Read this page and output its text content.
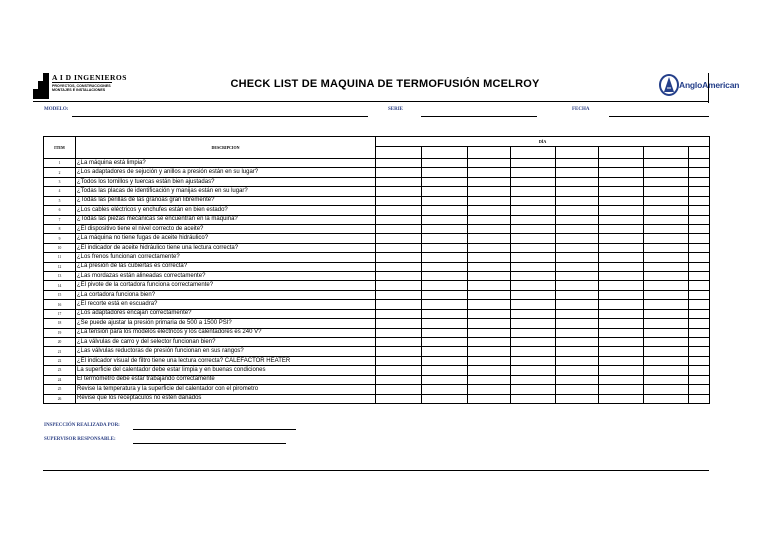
A I D INGENIEROS
PROYECTOS, CONSTRUCCIONES
MONTAJES E INSTALACIONES	CHECK LIST DE MAQUINA DE TERMOFUSIÓN MCELROY	AngloAmerican
MODELO:	SERIE	FECHA
ITEM	DESCRIPCION	DÍA							

1	¿La máquina está limpia?								
2	¿Los adaptadores de sejución y anillos a presión están en su lugar?								
3	¿Todos los tornillos y tuercas están bien ajustadas?								
4	¿Todas las placas de identificación y manijas están en su lugar?								
5	¿Todas las perillas de las granoas gran libremente?								
6	¿Los cables eléctricos y enchufes están en bien estado?								
7	¿Todas las piezas mecánicas se encuentran en la máquina?								
8	¿El dispositivo tiene el nivel correcto de aceite?								
9	¿La máquina no tiene fugas de aceite hidráulico?								
10	¿El indicador de aceite hidráulico tiene una lectura correcta?								
11	¿Los frenos funcionan correctamente?								
12	¿La presión de las cubiertas es correcta?								
13	¿Las mordazas están alineadas correctamente?								
14	¿El pivote de la cortadora funciona correctamente?								
15	¿La cortadora funciona bien?								
16	¿El recorte está en escuadra?								
17	¿Los adaptadores encajan correctamente?								
18	¿Se puede ajustar la presión primaria de 500 a 1500 PSI?								
19	¿La tensión para los modelos eléctricos y los calentadores es 240 V?								
20	¿La válvulas de carro y del selector funcionan bien?								
21	¿Las válvulas reductoras de presión funcionan en sus rangos?								
22	¿El indicador visual de filtro tiene una lectura correcta? CALEFACTOR HEATER								
23	La superficie del calentador debe estar limpia y en buenas condiciones								
24	El termómetro debe estar trabajando correctamente								
25	Revise la temperatura y la superficie del calentador con el pirometro								
26	Revise que los receptaculos no estén dañados								
INSPECCIÓN REALIZADA POR:
SUPERVISOR RESPONSABLE:
